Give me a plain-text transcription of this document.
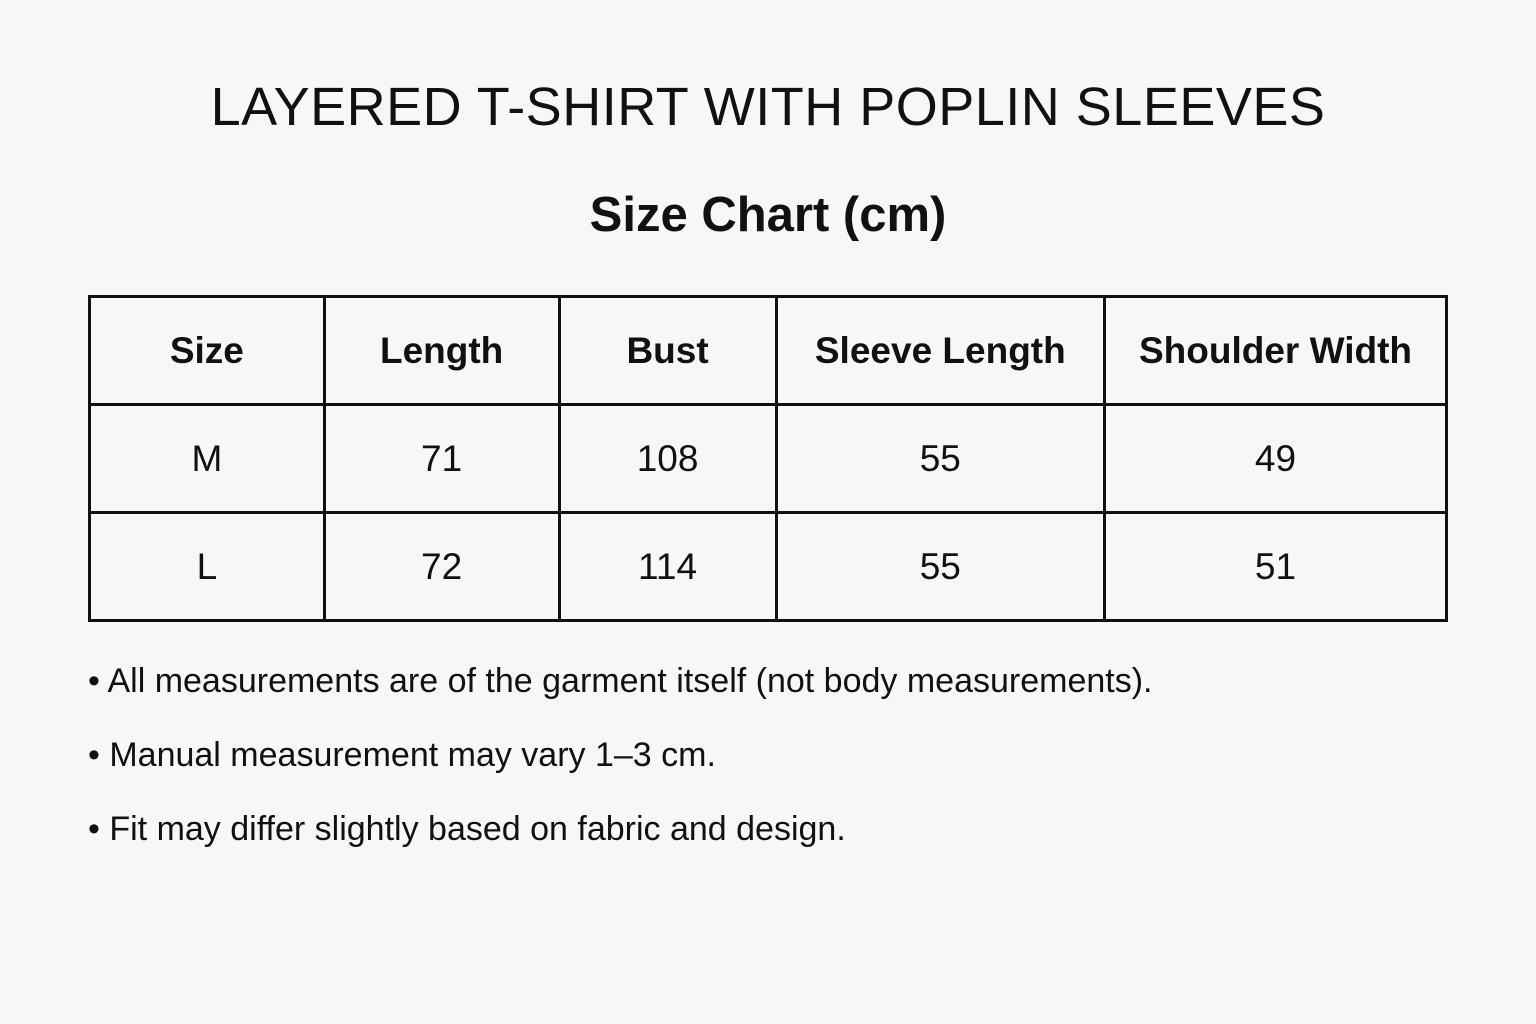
LAYERED T-SHIRT WITH POPLIN SLEEVES
Size Chart (cm)
Size	Length	Bust	Sleeve Length	Shoulder Width
M	71	108	55	49
L	72	114	55	51

• All measurements are of the garment itself (not body measurements).

• Manual measurement may vary 1–3 cm.

• Fit may differ slightly based on fabric and design.
